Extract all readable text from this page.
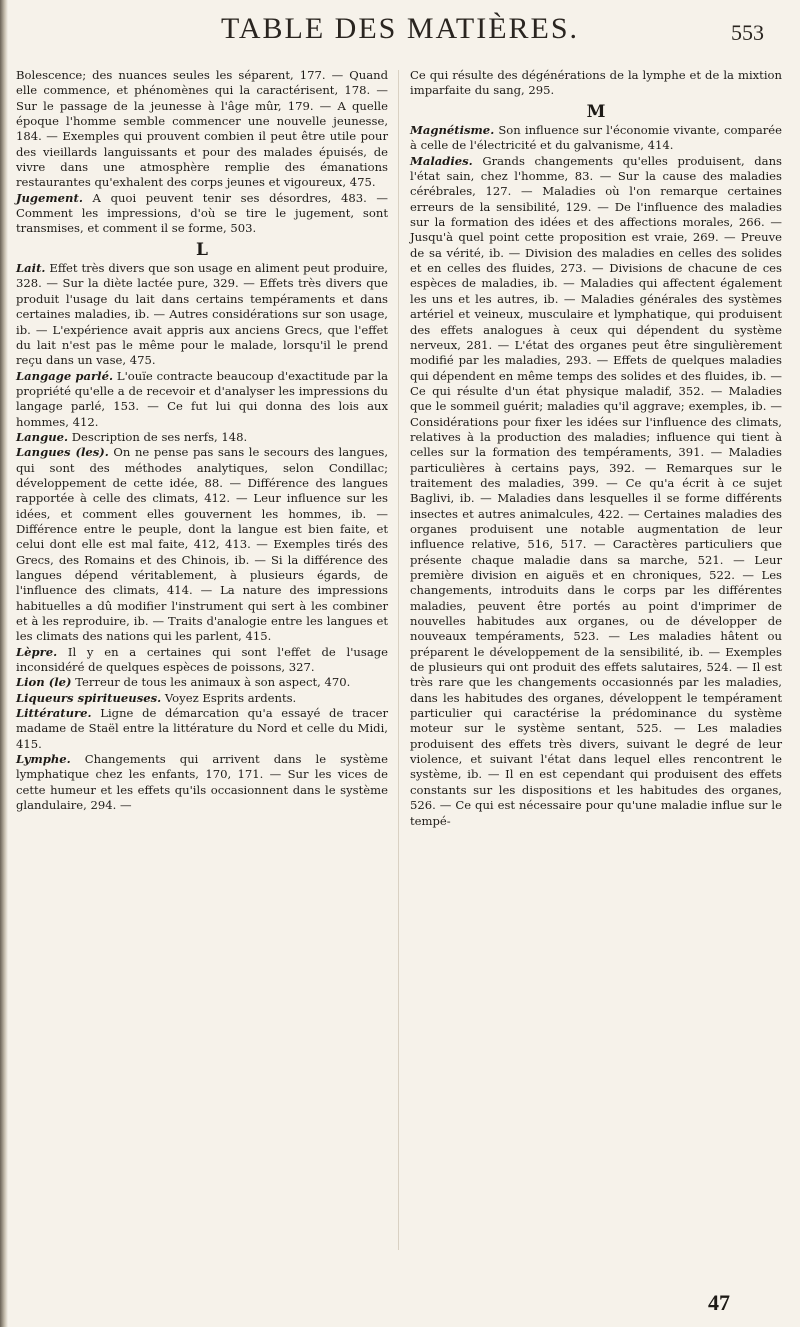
TABLE DES MATIÈRES.	553

Bolescence; des nuances seules les séparent, 177. — Quand elle commence, et phénomènes qui la caractérisent, 178. — Sur le passage de la jeunesse à l'âge mûr, 179. — A quelle époque l'homme semble commencer une nouvelle jeunesse, 184. — Exemples qui prouvent combien il peut être utile pour des vieillards languissants et pour des malades épuisés, de vivre dans une atmosphère remplie des émanations restaurantes qu'exhalent des corps jeunes et vigoureux, 475.

Jugement. A quoi peuvent tenir ses désordres, 483. — Comment les impressions, d'où se tire le jugement, sont transmises, et comment il se forme, 503.

L

Lait. Effet très divers que son usage en aliment peut produire, 328. — Sur la diète lactée pure, 329. — Effets très divers que produit l'usage du lait dans certains tempéraments et dans certaines maladies, ib. — Autres considérations sur son usage, ib. — L'expérience avait appris aux anciens Grecs, que l'effet du lait n'est pas le même pour le malade, lorsqu'il le prend reçu dans un vase, 475.

Langage parlé. L'ouïe contracte beaucoup d'exactitude par la propriété qu'elle a de recevoir et d'analyser les impressions du langage parlé, 153. — Ce fut lui qui donna des lois aux hommes, 412.

Langue. Description de ses nerfs, 148.

Langues (les). On ne pense pas sans le secours des langues, qui sont des méthodes analytiques, selon Condillac; développement de cette idée, 88. — Différence des langues rapportée à celle des climats, 412. — Leur influence sur les idées, et comment elles gouvernent les hommes, ib. —Différence entre le peuple, dont la langue est bien faite, et celui dont elle est mal faite, 412, 413. — Exemples tirés des Grecs, des Romains et des Chinois, ib. — Si la différence des langues dépend véritablement, à plusieurs égards, de l'influence des climats, 414. — La nature des impressions habituelles a dû modifier l'instrument qui sert à les combiner et à les reproduire, ib. — Traits d'analogie entre les langues et les climats des nations qui les parlent, 415.

Lèpre. Il y en a certaines qui sont l'effet de l'usage inconsidéré de quelques espèces de poissons, 327.

Lion (le) Terreur de tous les animaux à son aspect, 470.

Liqueurs spiritueuses. Voyez Esprits ardents.

Littérature. Ligne de démarcation qu'a essayé de tracer madame de Staël entre la littérature du Nord et celle du Midi, 415.

Lymphe. Changements qui arrivent dans le système lymphatique chez les enfants, 170, 171. — Sur les vices de cette humeur et les effets qu'ils occasionnent dans le système glandulaire, 294. —

Ce qui résulte des dégénérations de la lymphe et de la mixtion imparfaite du sang, 295.

M

Magnétisme. Son influence sur l'économie vivante, comparée à celle de l'électricité et du galvanisme, 414.

Maladies. Grands changements qu'elles produisent, dans l'état sain, chez l'homme, 83. — Sur la cause des maladies cérébrales, 127. — Maladies où l'on remarque certaines erreurs de la sensibilité, 129. — De l'influence des maladies sur la formation des idées et des affections morales, 266. — Jusqu'à quel point cette proposition est vraie, 269. — Preuve de sa vérité, ib. — Division des maladies en celles des solides et en celles des fluides, 273. — Divisions de chacune de ces espèces de maladies, ib. — Maladies qui affectent également les uns et les autres, ib. — Maladies générales des systèmes artériel et veineux, musculaire et lymphatique, qui produisent des effets analogues à ceux qui dépendent du système nerveux, 281. — L'état des organes peut être singulièrement modifié par les maladies, 293. — Effets de quelques maladies qui dépendent en même temps des solides et des fluides, ib. — Ce qui résulte d'un état physique maladif, 352. — Maladies que le sommeil guérit; maladies qu'il aggrave; exemples, ib. — Considérations pour fixer les idées sur l'influence des climats, relatives à la production des maladies; influence qui tient à celles sur la formation des tempéraments, 391. — Maladies particulières à certains pays, 392. — Remarques sur le traitement des maladies, 399. — Ce qu'a écrit à ce sujet Baglivi, ib. — Maladies dans lesquelles il se forme différents insectes et autres animalcules, 422. — Certaines maladies des organes produisent une notable augmentation de leur influence relative, 516, 517. — Caractères particuliers que présente chaque maladie dans sa marche, 521. — Leur première division en aiguës et en chroniques, 522. — Les changements, introduits dans le corps par les différentes maladies, peuvent être portés au point d'imprimer de nouvelles habitudes aux organes, ou de développer de nouveaux tempéraments, 523. — Les maladies hâtent ou préparent le développement de la sensibilité, ib. — Exemples de plusieurs qui ont produit des effets salutaires, 524. — Il est très rare que les changements occasionnés par les maladies, dans les habitudes des organes, développent le tempérament particulier qui caractérise la prédominance du système moteur sur le système sentant, 525. — Les maladies produisent des effets très divers, suivant le degré de leur violence, et suivant l'état dans lequel elles rencontrent le système, ib. — Il en est cependant qui produisent des effets constants sur les dispositions et les habitudes des organes, 526. — Ce qui est nécessaire pour qu'une maladie influe sur le tempé-

47
